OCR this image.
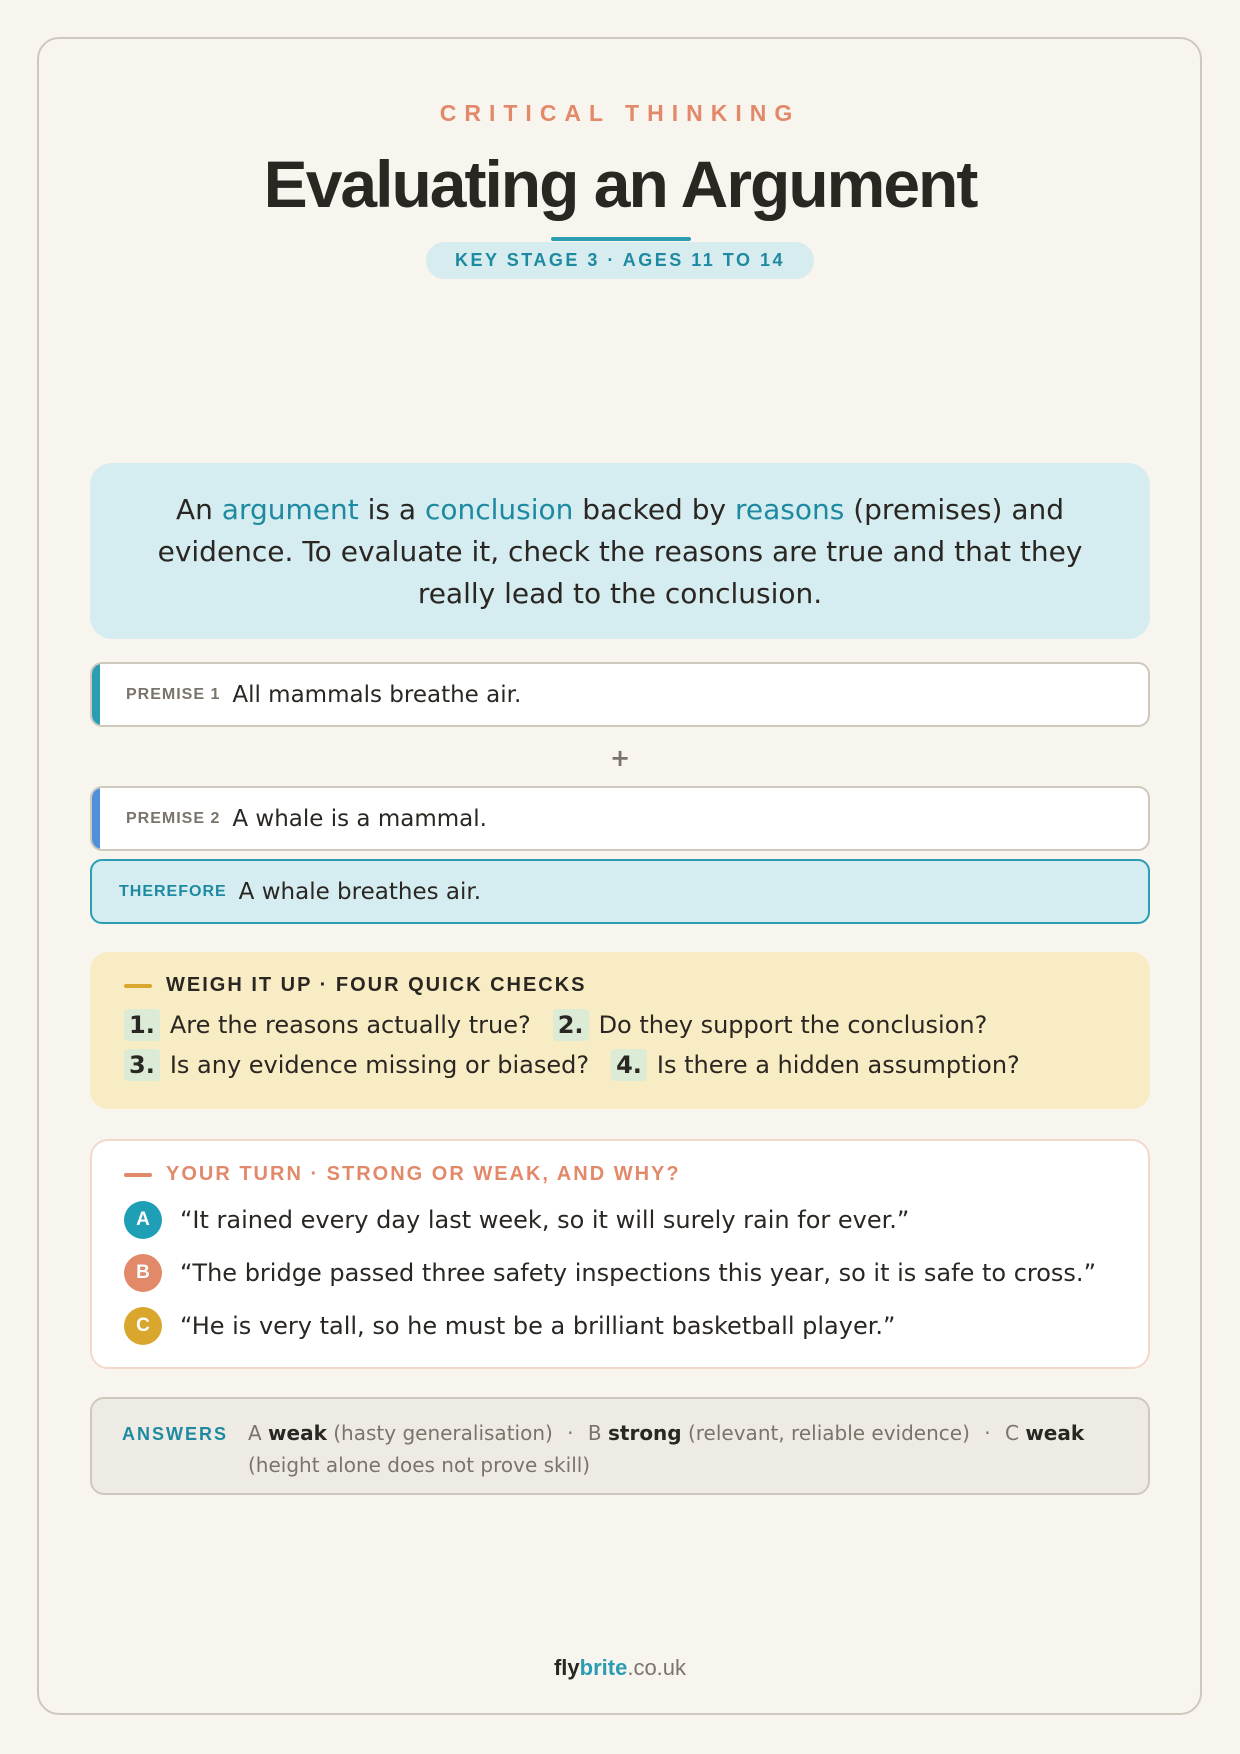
CRITICAL THINKING
Evaluating an Argument
KEY STAGE 3 · AGES 11 TO 14
An argument is a conclusion backed by reasons (premises) and evidence. To evaluate it, check the reasons are true and that they really lead to the conclusion.
PREMISE 1 All mammals breathe air.
+
PREMISE 2 A whale is a mammal.
THEREFORE A whale breathes air.
WEIGH IT UP · FOUR QUICK CHECKS
1. Are the reasons actually true? 2. Do they support the conclusion?
3. Is any evidence missing or biased? 4. Is there a hidden assumption?
YOUR TURN · STRONG OR WEAK, AND WHY?
A	“It rained every day last week, so it will surely rain for ever.”
B	“The bridge passed three safety inspections this year, so it is safe to cross.”
C	“He is very tall, so he must be a brilliant basketball player.”
ANSWERS A weak (hasty generalisation) · B strong (relevant, reliable evidence) · C weak (height alone does not prove skill)
flybrite.co.uk
